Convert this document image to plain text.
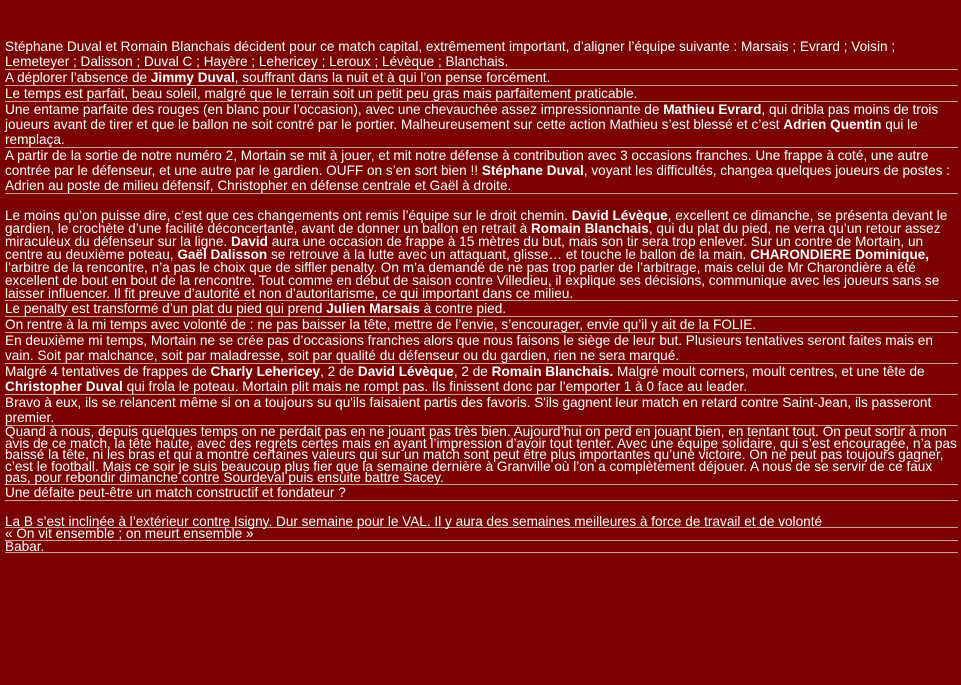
Stéphane Duval et Romain Blanchais décident pour ce match capital, extrêmement important, d’aligner l’équipe suivante : Marsais ; Evrard ; Voisin ; Lemeteyer ; Dalisson ; Duval C ; Hayère ; Lehericey ; Leroux ; Lévèque ; Blanchais.

A déplorer l’absence de Jimmy Duval, souffrant dans la nuit et à qui l’on pense forcément.

Le temps est parfait, beau soleil, malgré que le terrain soit un petit peu gras mais parfaitement praticable.

Une entame parfaite des rouges (en blanc pour l’occasion), avec une chevauchée assez impressionnante de Mathieu Evrard, qui dribla pas moins de trois joueurs avant de tirer et que le ballon ne soit contré par le portier. Malheureusement sur cette action Mathieu s’est blessé et c’est Adrien Quentin qui le remplaça.

A partir de la sortie de notre numéro 2, Mortain se mit à jouer, et mit notre défense à contribution avec 3 occasions franches. Une frappe à coté, une autre contrée par le défenseur, et une autre par le gardien. OUFF on s’en sort bien !! Stéphane Duval, voyant les difficultés, changea quelques joueurs de postes : Adrien au poste de milieu défensif, Christopher en défense centrale et Gaël à droite.

Le moins qu’on puisse dire, c’est que ces changements ont remis l’équipe sur le droit chemin. David Lévèque, excellent ce dimanche, se présenta devant le gardien, le crochète d’une facilité déconcertante, avant de donner un ballon en retrait à Romain Blanchais, qui du plat du pied, ne verra qu’un retour assez miraculeux du défenseur sur la ligne. David aura une occasion de frappe à 15 mètres du but, mais son tir sera trop enlever. Sur un contre de Mortain, un centre au deuxième poteau, Gaël Dalisson se retrouve à la lutte avec un attaquant, glisse… et touche le ballon de la main. CHARONDIERE Dominique, l’arbitre de la rencontre, n’a pas le choix que de siffler penalty. On m’a demandé de ne pas trop parler de l’arbitrage, mais celui de Mr Charondière a été excellent de bout en bout de la rencontre. Tout comme en début de saison contre Villedieu, il explique ses décisions, communique avec les joueurs sans se laisser influencer. Il fit preuve d’autorité et non d’autoritarisme, ce qui important dans ce milieu.

Le penalty est transformé d’un plat du pied qui prend Julien Marsais à contre pied.

On rentre à la mi temps avec volonté de : ne pas baisser la tête, mettre de l’envie, s’encourager, envie qu’il y ait de la FOLIE.

En deuxième mi temps, Mortain ne se crée pas d’occasions franches alors que nous faisons le siège de leur but. Plusieurs tentatives seront faites mais en vain. Soit par malchance, soit par maladresse, soit par qualité du défenseur ou du gardien, rien ne sera marqué.

Malgré 4 tentatives de frappes de Charly Lehericey, 2 de David Lévèque, 2 de Romain Blanchais. Malgré moult corners, moult centres, et une tête de Christopher Duval qui frola le poteau. Mortain plit mais ne rompt pas. Ils finissent donc par l’emporter 1 à 0 face au leader.

Bravo à eux, ils se relancent même si on a toujours su qu'ils faisaient partis des favoris. S'ils gagnent leur match en retard contre Saint-Jean, ils passeront premier.

Quand à nous, depuis quelques temps on ne perdait pas en ne jouant pas très bien. Aujourd’hui on perd en jouant bien, en tentant tout. On peut sortir à mon avis de ce match, la tête haute, avec des regrets certes mais en ayant l’impression d’avoir tout tenter. Avec une équipe solidaire, qui s’est encouragée, n’a pas baissé la tête, ni les bras et qui a montré certaines valeurs qui sur un match sont peut être plus importantes qu’une victoire. On ne peut pas toujours gagner, c’est le football. Mais ce soir je suis beaucoup plus fier que la semaine dernière à Granville où l’on a complètement déjouer. A nous de se servir de ce faux pas, pour rebondir dimanche contre Sourdeval puis ensuite battre Sacey.

Une défaite peut-être un match constructif et fondateur ?

La B s’est inclinée à l’extérieur contre Isigny. Dur semaine pour le VAL. Il y aura des semaines meilleures à force de travail et de volonté

« On vit ensemble ; on meurt ensemble »

Babar.
